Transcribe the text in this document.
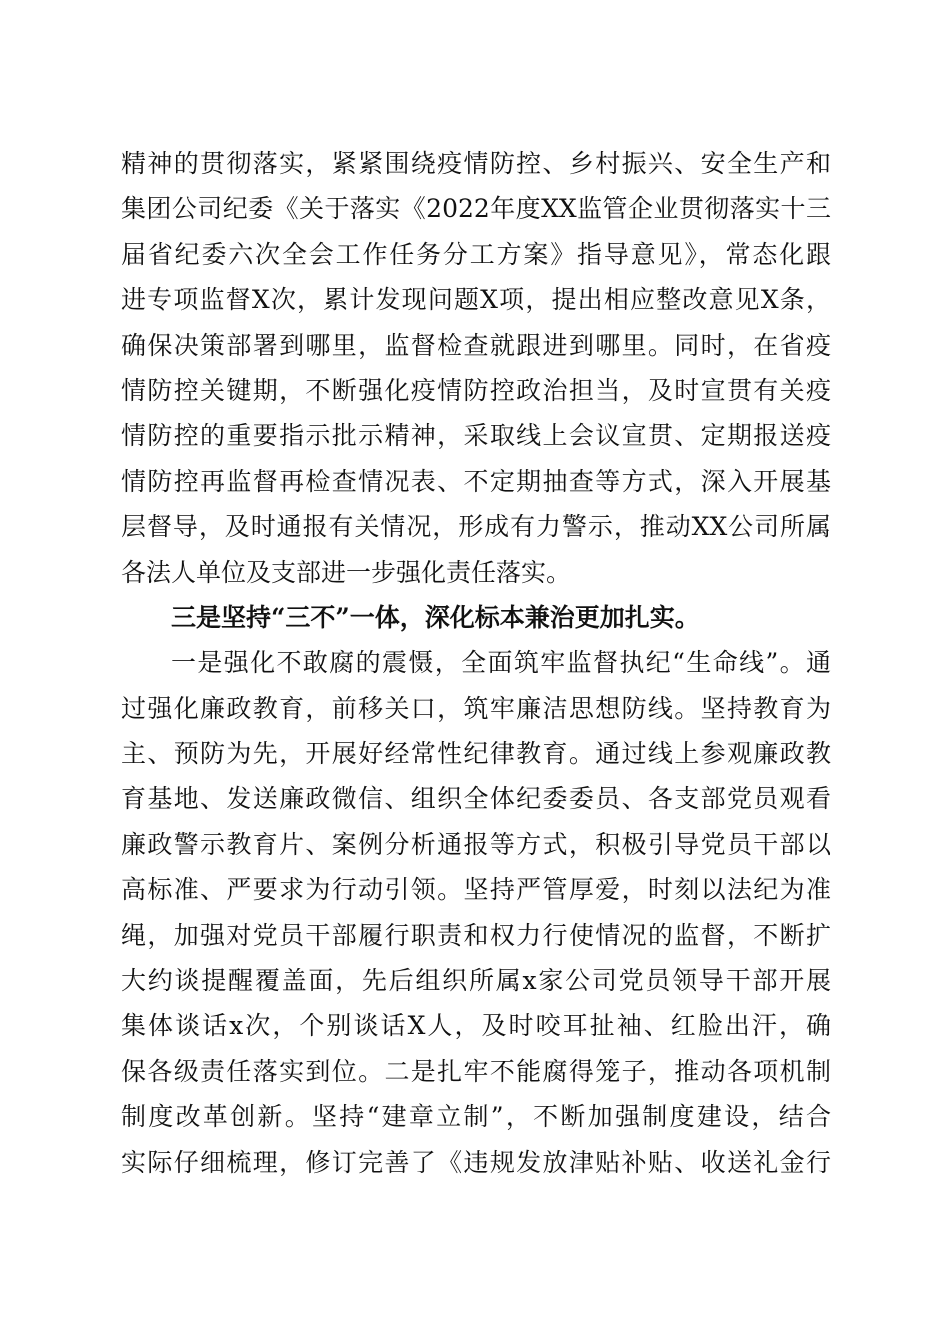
精神的贯彻落实，紧紧围绕疫情防控、乡村振兴、安全生产和
集团公司纪委《关于落实《2022年度XX监管企业贯彻落实十三
届省纪委六次全会工作任务分工方案》指导意见》，常态化跟
进专项监督X次，累计发现问题X项，提出相应整改意见X条，
确保决策部署到哪里，监督检查就跟进到哪里。同时，在省疫
情防控关键期，不断强化疫情防控政治担当，及时宣贯有关疫
情防控的重要指示批示精神，采取线上会议宣贯、定期报送疫
情防控再监督再检查情况表、不定期抽查等方式，深入开展基
层督导，及时通报有关情况，形成有力警示，推动XX公司所属
各法人单位及支部进一步强化责任落实。
三是坚持“三不”一体，深化标本兼治更加扎实。
一是强化不敢腐的震慑，全面筑牢监督执纪“生命线”。通
过强化廉政教育，前移关口，筑牢廉洁思想防线。坚持教育为
主、预防为先，开展好经常性纪律教育。通过线上参观廉政教
育基地、发送廉政微信、组织全体纪委委员、各支部党员观看
廉政警示教育片、案例分析通报等方式，积极引导党员干部以
高标准、严要求为行动引领。坚持严管厚爱，时刻以法纪为准
绳，加强对党员干部履行职责和权力行使情况的监督，不断扩
大约谈提醒覆盖面，先后组织所属x家公司党员领导干部开展
集体谈话x次，个别谈话X人，及时咬耳扯袖、红脸出汗，确
保各级责任落实到位。二是扎牢不能腐得笼子，推动各项机制
制度改革创新。坚持“建章立制”，不断加强制度建设，结合
实际仔细梳理，修订完善了《违规发放津贴补贴、收送礼金行
